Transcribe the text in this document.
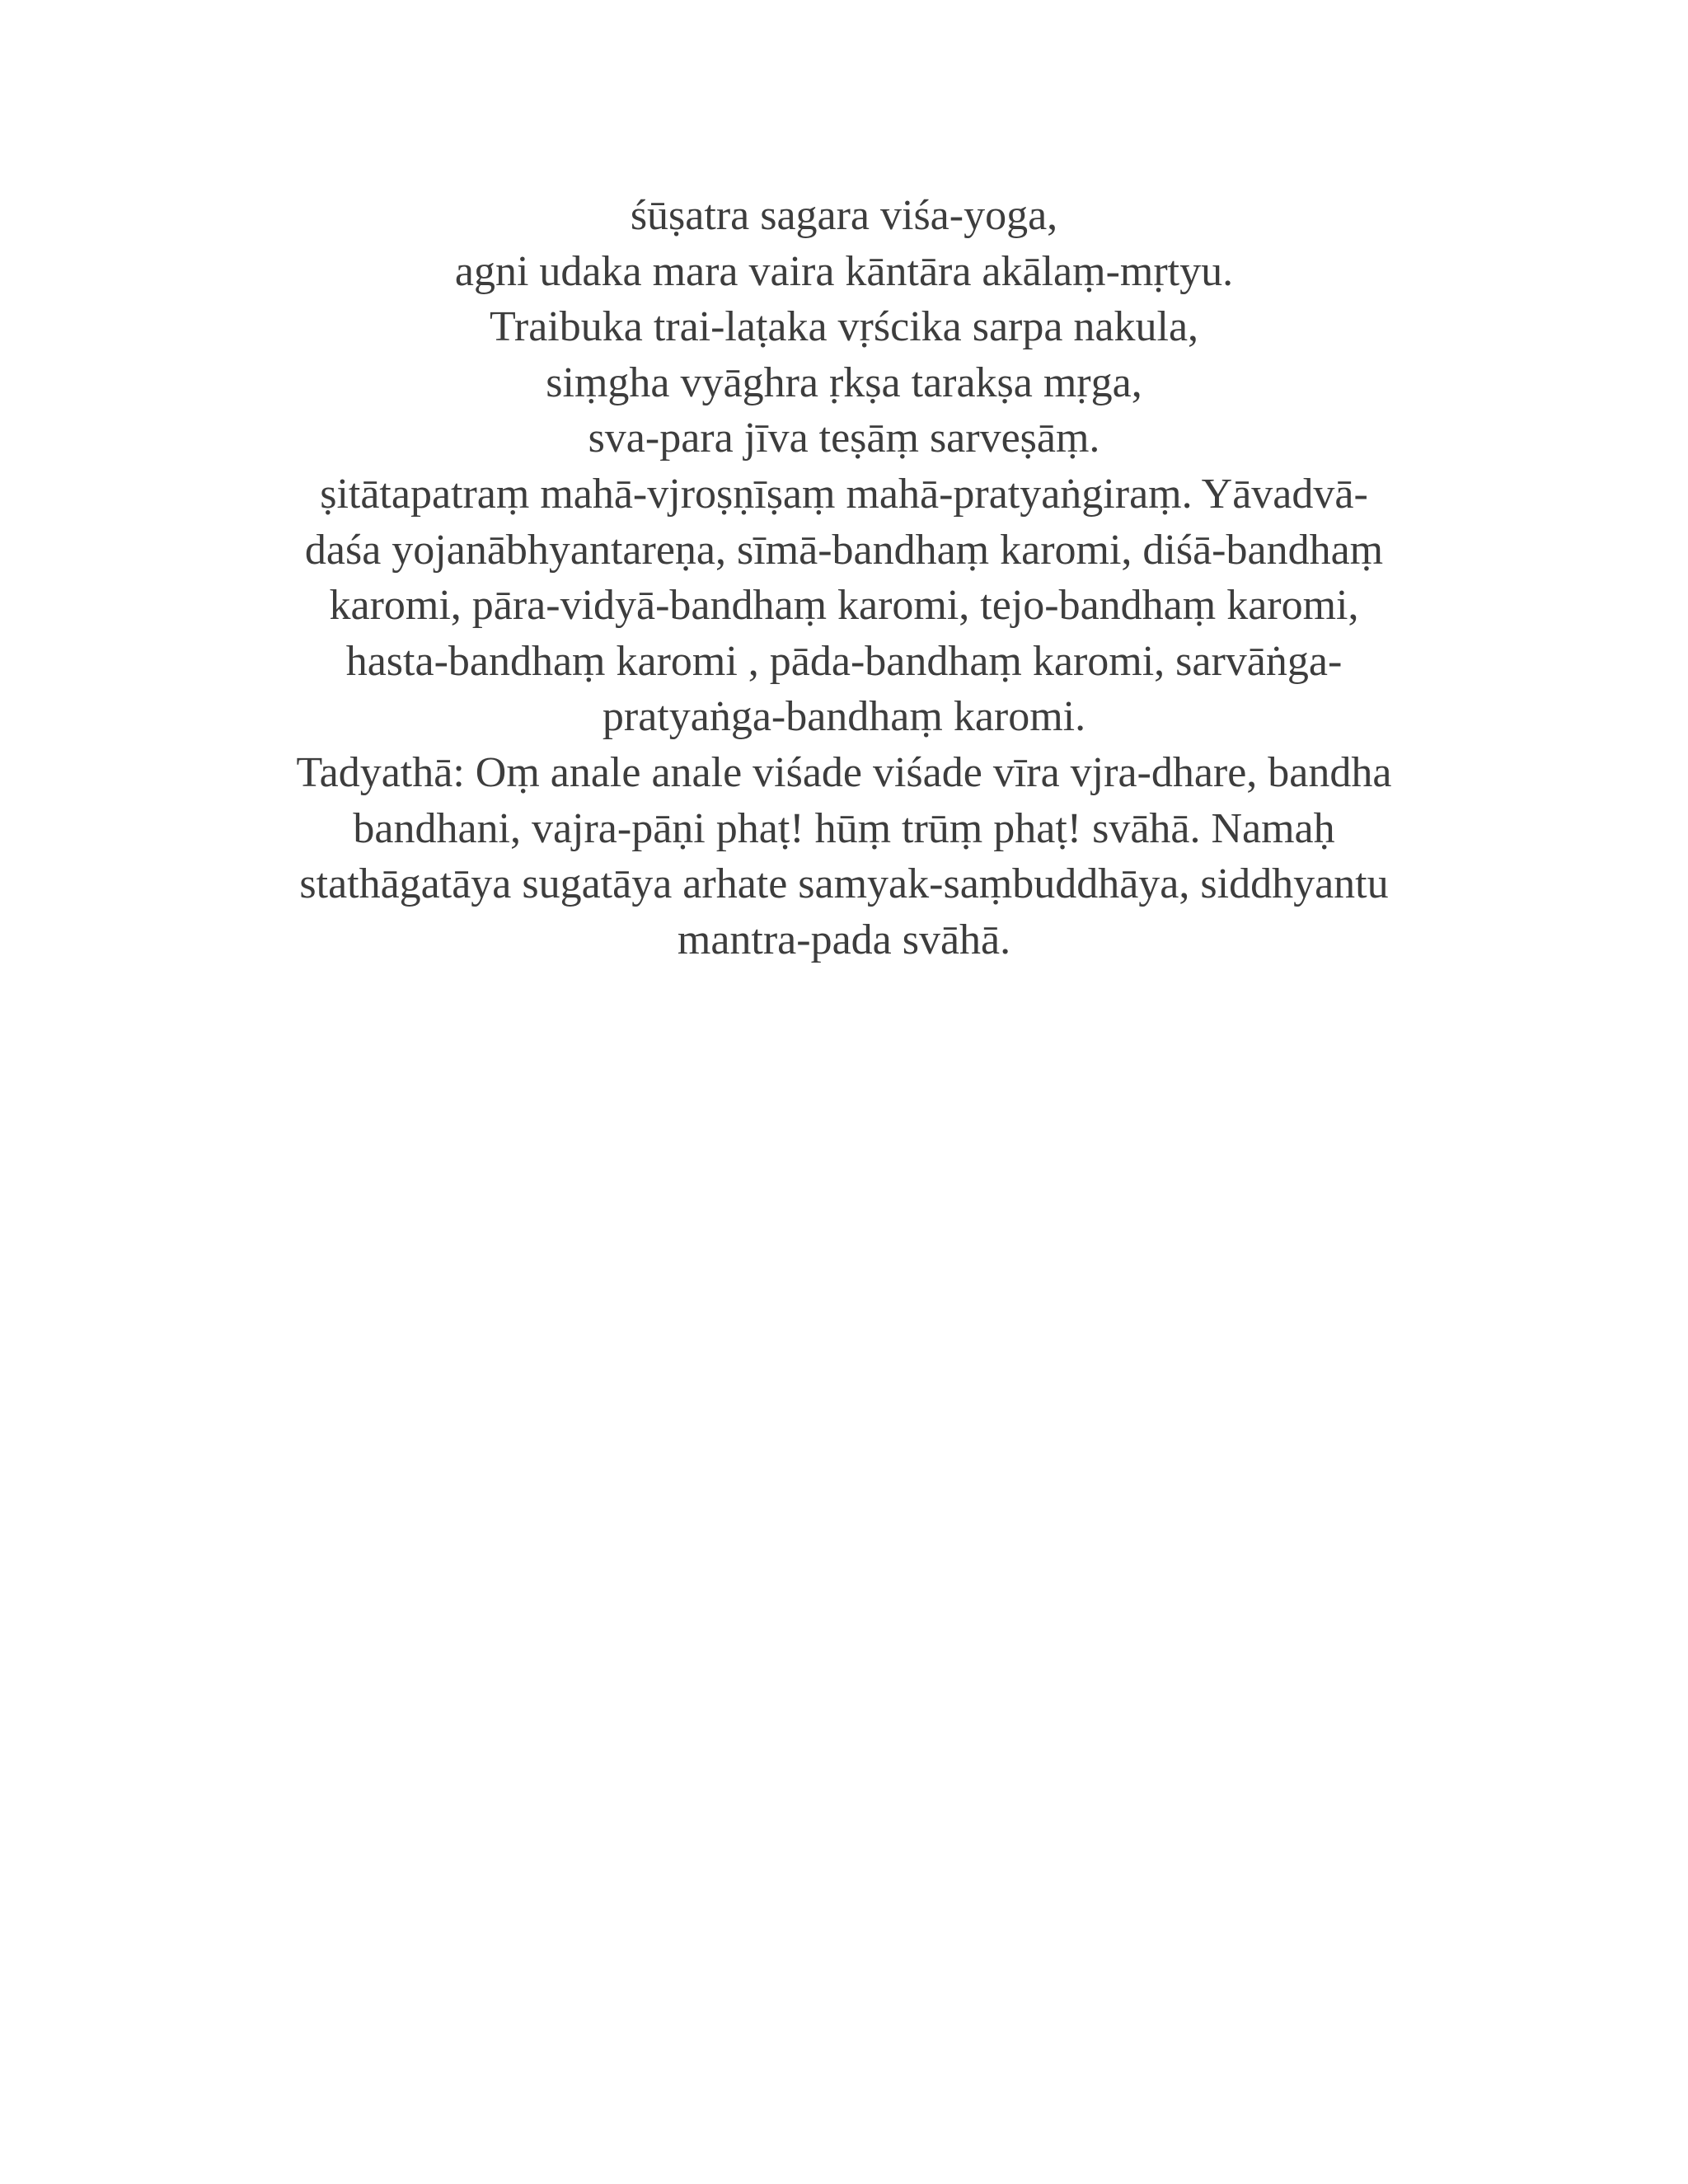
śūṣatra sagara viśa-yoga,
agni udaka mara vaira kāntāra akālaṃ-mṛtyu.
Traibuka trai-laṭaka vṛścika sarpa nakula,
siṃgha vyāghra ṛkṣa tarakṣa mṛga,
sva-para jīva teṣāṃ sarveṣāṃ.
ṣitātapatraṃ mahā-vjroṣṇīṣaṃ mahā-pratyaṅgiraṃ. Yāvadvā-
daśa yojanābhyantareṇa, sīmā-bandhaṃ karomi, diśā-bandhaṃ
karomi, pāra-vidyā-bandhaṃ karomi, tejo-bandhaṃ karomi,
hasta-bandhaṃ karomi , pāda-bandhaṃ karomi, sarvāṅga-
pratyaṅga-bandhaṃ karomi.
Tadyathā: Oṃ anale anale viśade viśade vīra vjra-dhare, bandha
bandhani, vajra-pāṇi phaṭ! hūṃ trūṃ phaṭ! svāhā. Namaḥ
stathāgatāya sugatāya arhate samyak-saṃbuddhāya, siddhyantu
mantra-pada svāhā.
